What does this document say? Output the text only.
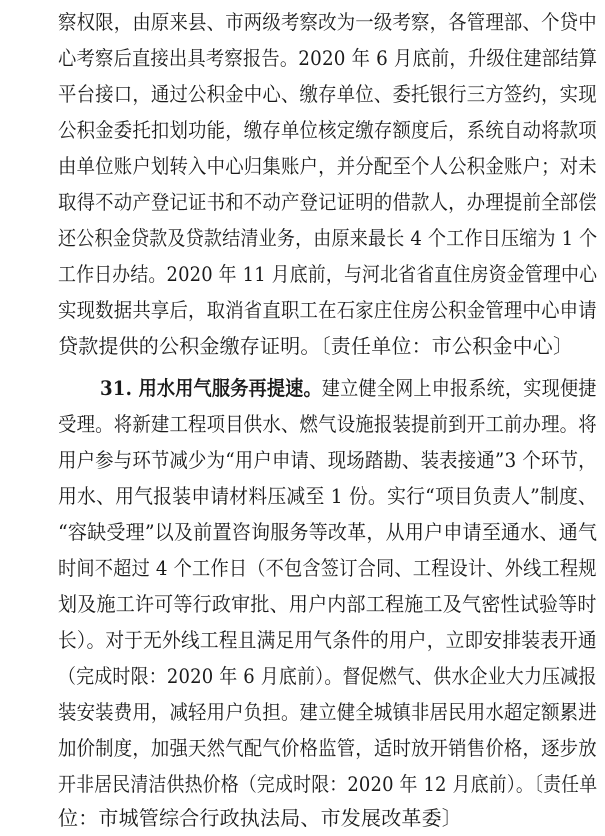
察权限，由原来县、市两级考察改为一级考察，各管理部、个贷中
心考察后直接出具考察报告。2020 年 6 月底前，升级住建部结算
平台接口，通过公积金中心、缴存单位、委托银行三方签约，实现
公积金委托扣划功能，缴存单位核定缴存额度后，系统自动将款项
由单位账户划转入中心归集账户，并分配至个人公积金账户；对未
取得不动产登记证书和不动产登记证明的借款人，办理提前全部偿
还公积金贷款及贷款结清业务，由原来最长 4 个工作日压缩为 1 个
工作日办结。2020 年 11 月底前，与河北省省直住房资金管理中心
实现数据共享后，取消省直职工在石家庄住房公积金管理中心申请
贷款提供的公积金缴存证明。〔责任单位：市公积金中心〕
31. 用水用气服务再提速。建立健全网上申报系统，实现便捷
受理。将新建工程项目供水、燃气设施报装提前到开工前办理。将
用户参与环节减少为“用户申请、现场踏勘、装表接通”3 个环节，
用水、用气报装申请材料压减至 1 份。实行“项目负责人”制度、
“容缺受理”以及前置咨询服务等改革，从用户申请至通水、通气
时间不超过 4 个工作日（不包含签订合同、工程设计、外线工程规
划及施工许可等行政审批、用户内部工程施工及气密性试验等时
长）。对于无外线工程且满足用气条件的用户，立即安排装表开通
（完成时限：2020 年 6 月底前）。督促燃气、供水企业大力压减报
装安装费用，减轻用户负担。建立健全城镇非居民用水超定额累进
加价制度，加强天然气配气价格监管，适时放开销售价格，逐步放
开非居民清洁供热价格（完成时限：2020 年 12 月底前）。〔责任单
位：市城管综合行政执法局、市发展改革委〕
